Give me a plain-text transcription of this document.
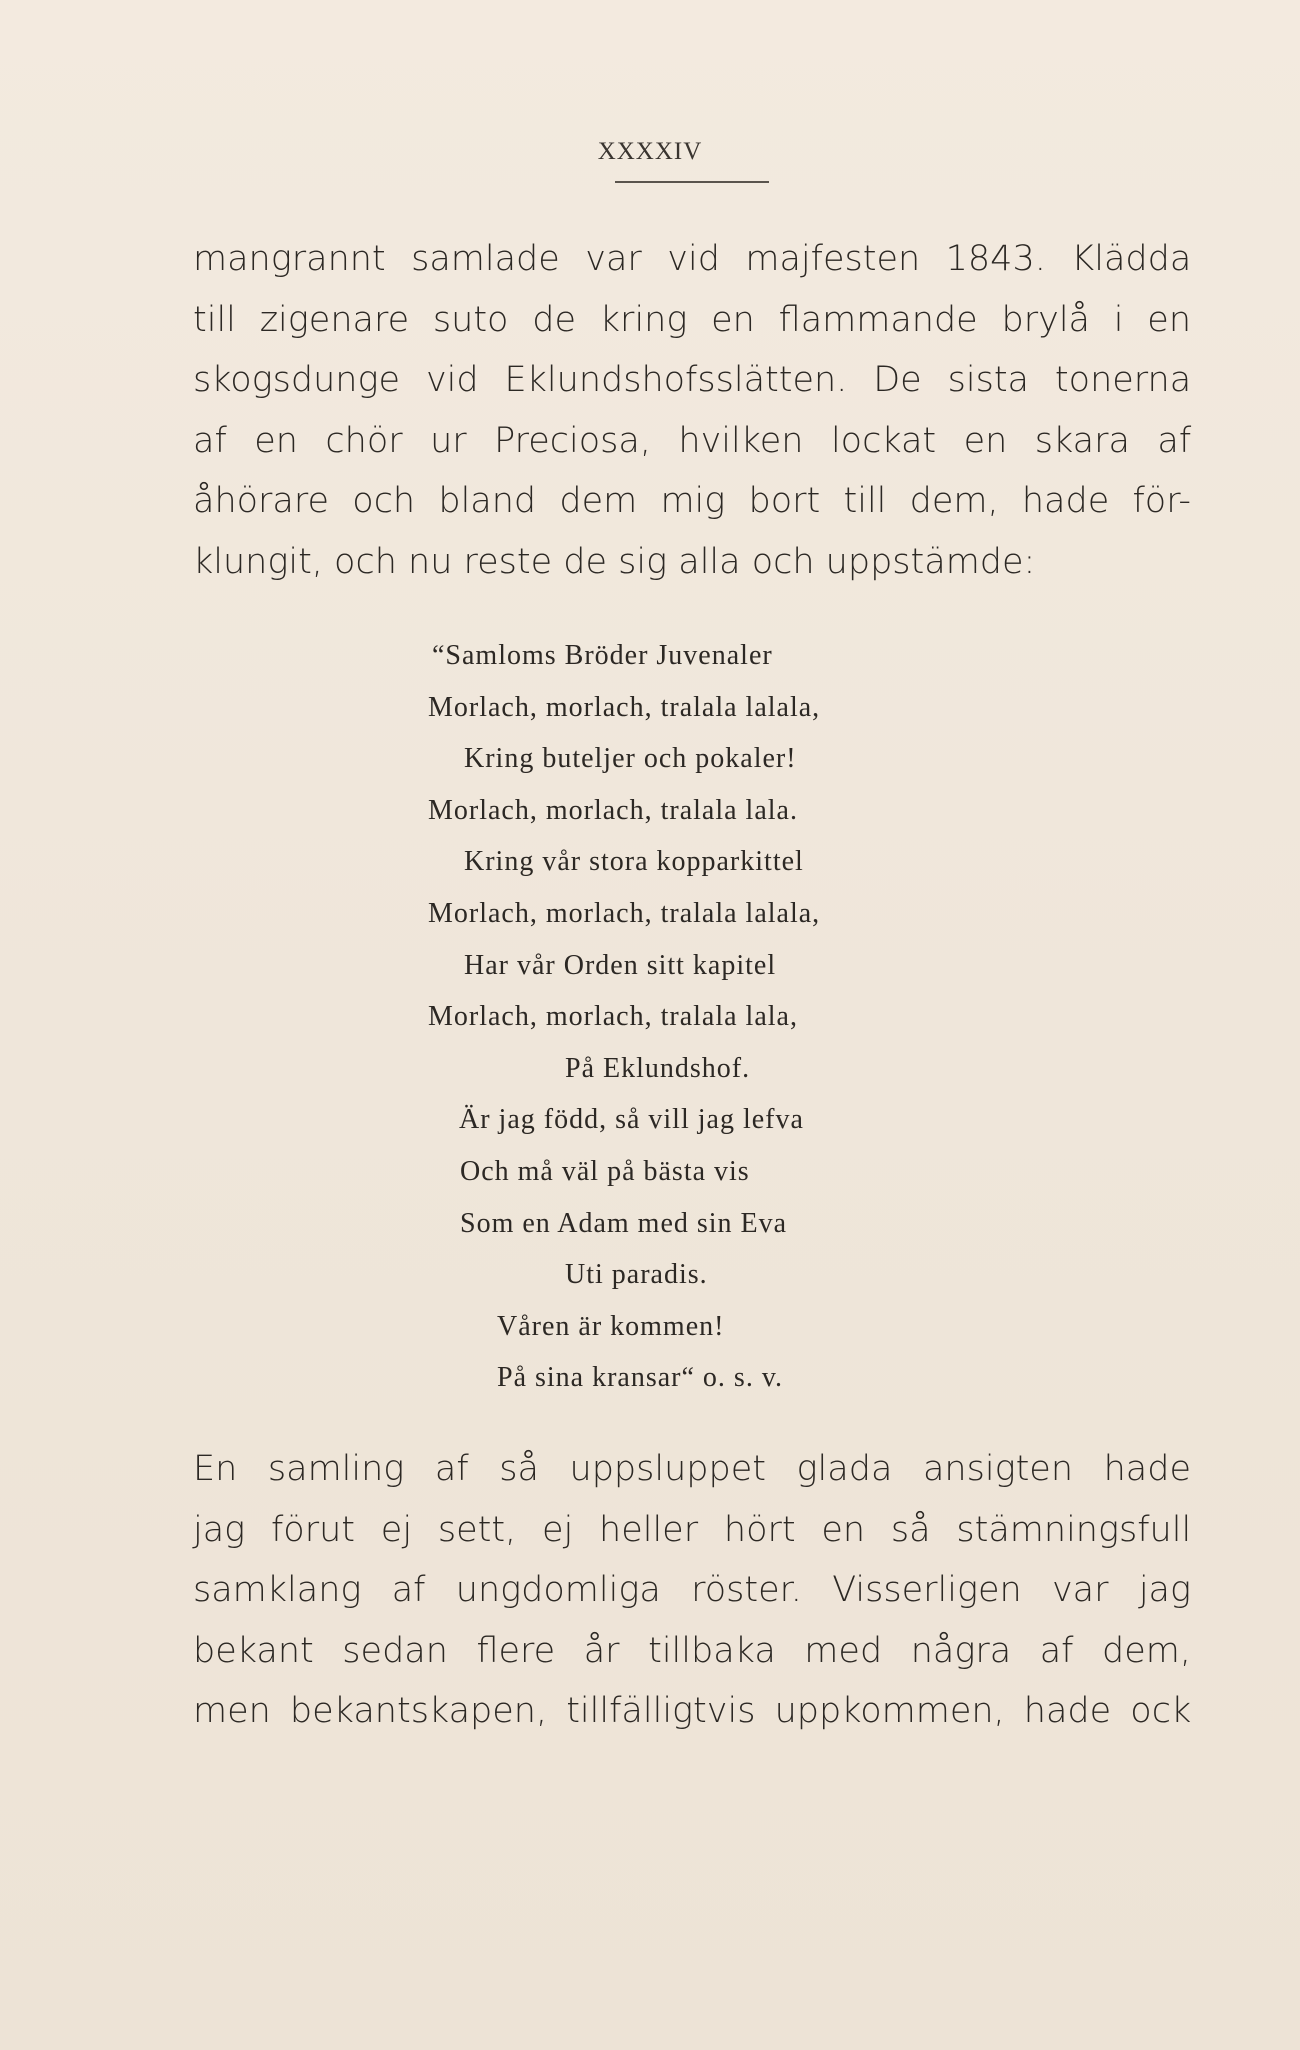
XXXXIV

mangrannt samlade var vid majfesten 1843. Klädda
till zigenare suto de kring en flammande brylå i en
skogsdunge vid Eklundshofsslätten. De sista tonerna
af en chör ur Preciosa, hvilken lockat en skara af
åhörare och bland dem mig bort till dem, hade för-
klungit, och nu reste de sig alla och uppstämde:

“Samloms Bröder Juvenaler
Morlach, morlach, tralala lalala,
Kring buteljer och pokaler!
Morlach, morlach, tralala lala.
Kring vår stora kopparkittel
Morlach, morlach, tralala lalala,
Har vår Orden sitt kapitel
Morlach, morlach, tralala lala,
På Eklundshof.
Är jag född, så vill jag lefva
Och må väl på bästa vis
Som en Adam med sin Eva
Uti paradis.
Våren är kommen!
På sina kransar“ o. s. v.

En samling af så uppsluppet glada ansigten hade
jag förut ej sett, ej heller hört en så stämningsfull
samklang af ungdomliga röster. Visserligen var jag
bekant sedan flere år tillbaka med några af dem,
men bekantskapen, tillfälligtvis uppkommen, hade ock
